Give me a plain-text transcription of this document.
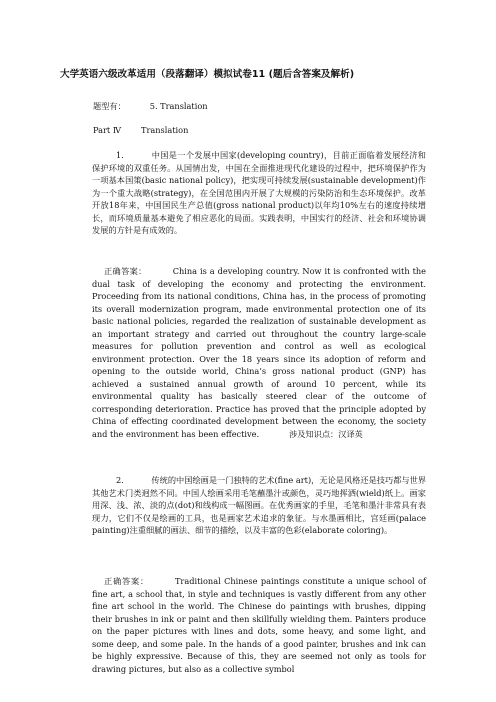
大学英语六级改革适用（段落翻译）模拟试卷11 (题后含答案及解析)
题型有：	5. Translation
Part Ⅳ Translation
1．	中国是一个发展中国家(developing country)，目前正面临着发展经济和保护环境的双重任务。从国情出发，中国在全面推进现代化建设的过程中，把环境保护作为一项基本国策(basic national policy)，把实现可持续发展(sustainable development)作为一个重大战略(strategy)，在全国范围内开展了大规模的污染防治和生态环境保护。改革开放18年来，中国国民生产总值(gross national product)以年均10%左右的速度持续增长，而环境质量基本避免了相应恶化的局面。实践表明，中国实行的经济、社会和环境协调发展的方针是有成效的。
正确答案：	China is a developing country. Now it is confronted with the dual task of developing the economy and protecting the environment. Proceeding from its national conditions, China has, in the process of promoting its overall modernization program, made environmental protection one of its basic national policies, regarded the realization of sustainable development as an important strategy and carried out throughout the country large-scale measures for pollution prevention and control as well as ecological environment protection. Over the 18 years since its adoption of reform and opening to the outside world, China’s gross national product (GNP) has achieved a sustained annual growth of around 10 percent, while its environmental quality has basically steered clear of the outcome of corresponding deterioration. Practice has proved that the principle adopted by China of effecting coordinated development between the economy, the society and the environment has been effective.	涉及知识点：汉译英
2．	传统的中国绘画是一门独特的艺术(fine art)，无论是风格还是技巧都与世界其他艺术门类迥然不同。中国人绘画采用毛笔蘸墨汁或颜色，灵巧地挥洒(wield)纸上。画家用深、浅、浓、淡的点(dot)和线构成一幅图画。在优秀画家的手里，毛笔和墨汁非常具有表现力，它们不仅是绘画的工具，也是画家艺术追求的象征。与水墨画相比，宫廷画(palace painting)注重细腻的画法、细节的描绘，以及丰富的色彩(elaborate coloring)。
正确答案：	Traditional Chinese paintings constitute a unique school of fine art, a school that, in style and techniques is vastly different from any other fine art school in the world. The Chinese do paintings with brushes, dipping their brushes in ink or paint and then skillfully wielding them. Painters produce on the paper pictures with lines and dots, some heavy, and some light, and some deep, and some pale. In the hands of a good painter, brushes and ink can be highly expressive. Because of this, they are seemed not only as tools for drawing pictures, but also as a collective symbol
